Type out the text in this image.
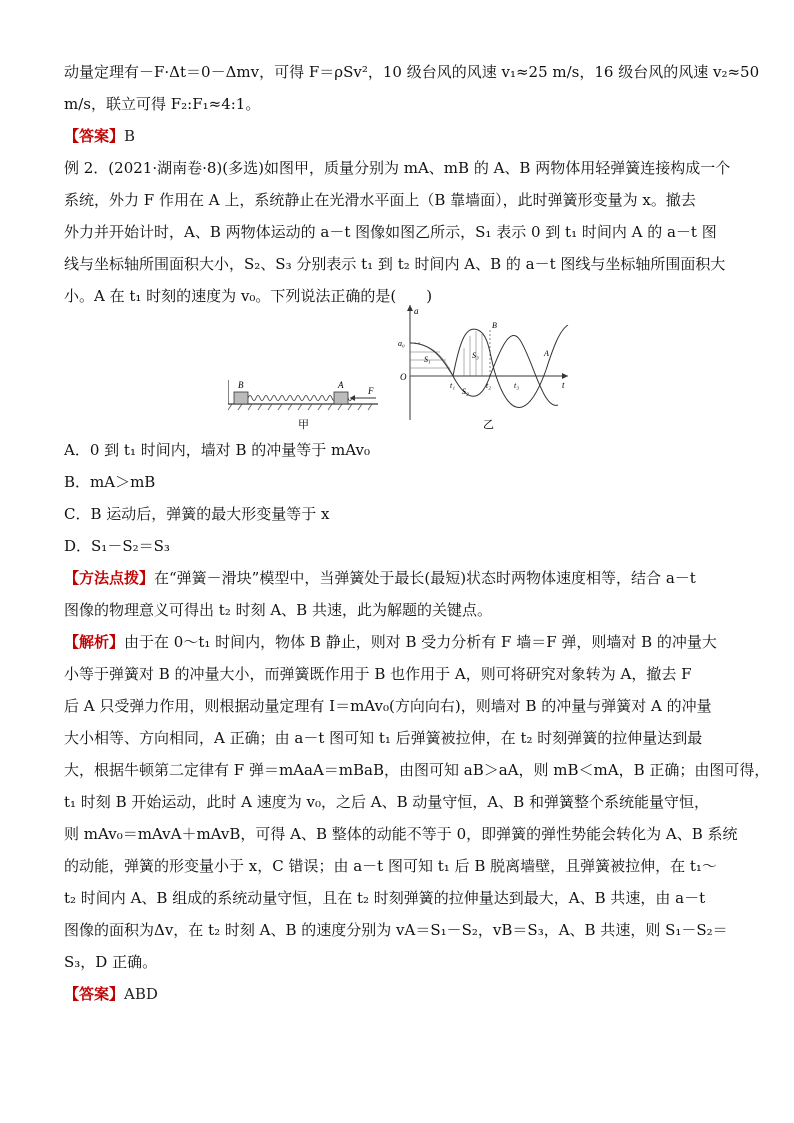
动量定理有－F·Δt＝0－Δmv，可得 F＝ρSv²，10 级台风的风速 v₁≈25 m/s，16 级台风的风速 v₂≈50
m/s，联立可得 F₂:F₁≈4:1。
【答案】B
例 2．(2021·湖南卷·8)(多选)如图甲，质量分别为 mA、mB 的 A、B 两物体用轻弹簧连接构成一个
系统，外力 F 作用在 A 上，系统静止在光滑水平面上（B 靠墙面），此时弹簧形变量为 x。撤去
外力并开始计时，A、B 两物体运动的 a－t 图像如图乙所示，S₁ 表示 0 到 t₁ 时间内 A 的 a－t 图
线与坐标轴所围面积大小，S₂、S₃ 分别表示 t₁ 到 t₂ 时间内 A、B 的 a－t 图线与坐标轴所围面积大
小。A 在 t₁ 时刻的速度为 v₀。下列说法正确的是(　　)
B	A
F
甲
a
t
O
a₀
S₁
S₂
S₃
B
A
t₁	t₂	t₃
乙
A．0 到 t₁ 时间内，墙对 B 的冲量等于 mAv₀
B．mA＞mB
C．B 运动后，弹簧的最大形变量等于 x
D．S₁－S₂＝S₃
【方法点拨】在“弹簧－滑块”模型中，当弹簧处于最长(最短)状态时两物体速度相等，结合 a－t
图像的物理意义可得出 t₂ 时刻 A、B 共速，此为解题的关键点。
【解析】由于在 0～t₁ 时间内，物体 B 静止，则对 B 受力分析有 F 墙＝F 弹，则墙对 B 的冲量大
小等于弹簧对 B 的冲量大小，而弹簧既作用于 B 也作用于 A，则可将研究对象转为 A，撤去 F
后 A 只受弹力作用，则根据动量定理有 I＝mAv₀(方向向右)，则墙对 B 的冲量与弹簧对 A 的冲量
大小相等、方向相同，A 正确；由 a－t 图可知 t₁ 后弹簧被拉伸，在 t₂ 时刻弹簧的拉伸量达到最
大，根据牛顿第二定律有 F 弹＝mAaA＝mBaB，由图可知 aB＞aA，则 mB＜mA，B 正确；由图可得，
t₁ 时刻 B 开始运动，此时 A 速度为 v₀，之后 A、B 动量守恒，A、B 和弹簧整个系统能量守恒，
则 mAv₀＝mAvA＋mAvB，可得 A、B 整体的动能不等于 0，即弹簧的弹性势能会转化为 A、B 系统
的动能，弹簧的形变量小于 x，C 错误；由 a－t 图可知 t₁ 后 B 脱离墙壁，且弹簧被拉伸，在 t₁～
t₂ 时间内 A、B 组成的系统动量守恒，且在 t₂ 时刻弹簧的拉伸量达到最大，A、B 共速，由 a－t
图像的面积为Δv，在 t₂ 时刻 A、B 的速度分别为 vA＝S₁－S₂，vB＝S₃，A、B 共速，则 S₁－S₂＝
S₃，D 正确。
【答案】ABD
